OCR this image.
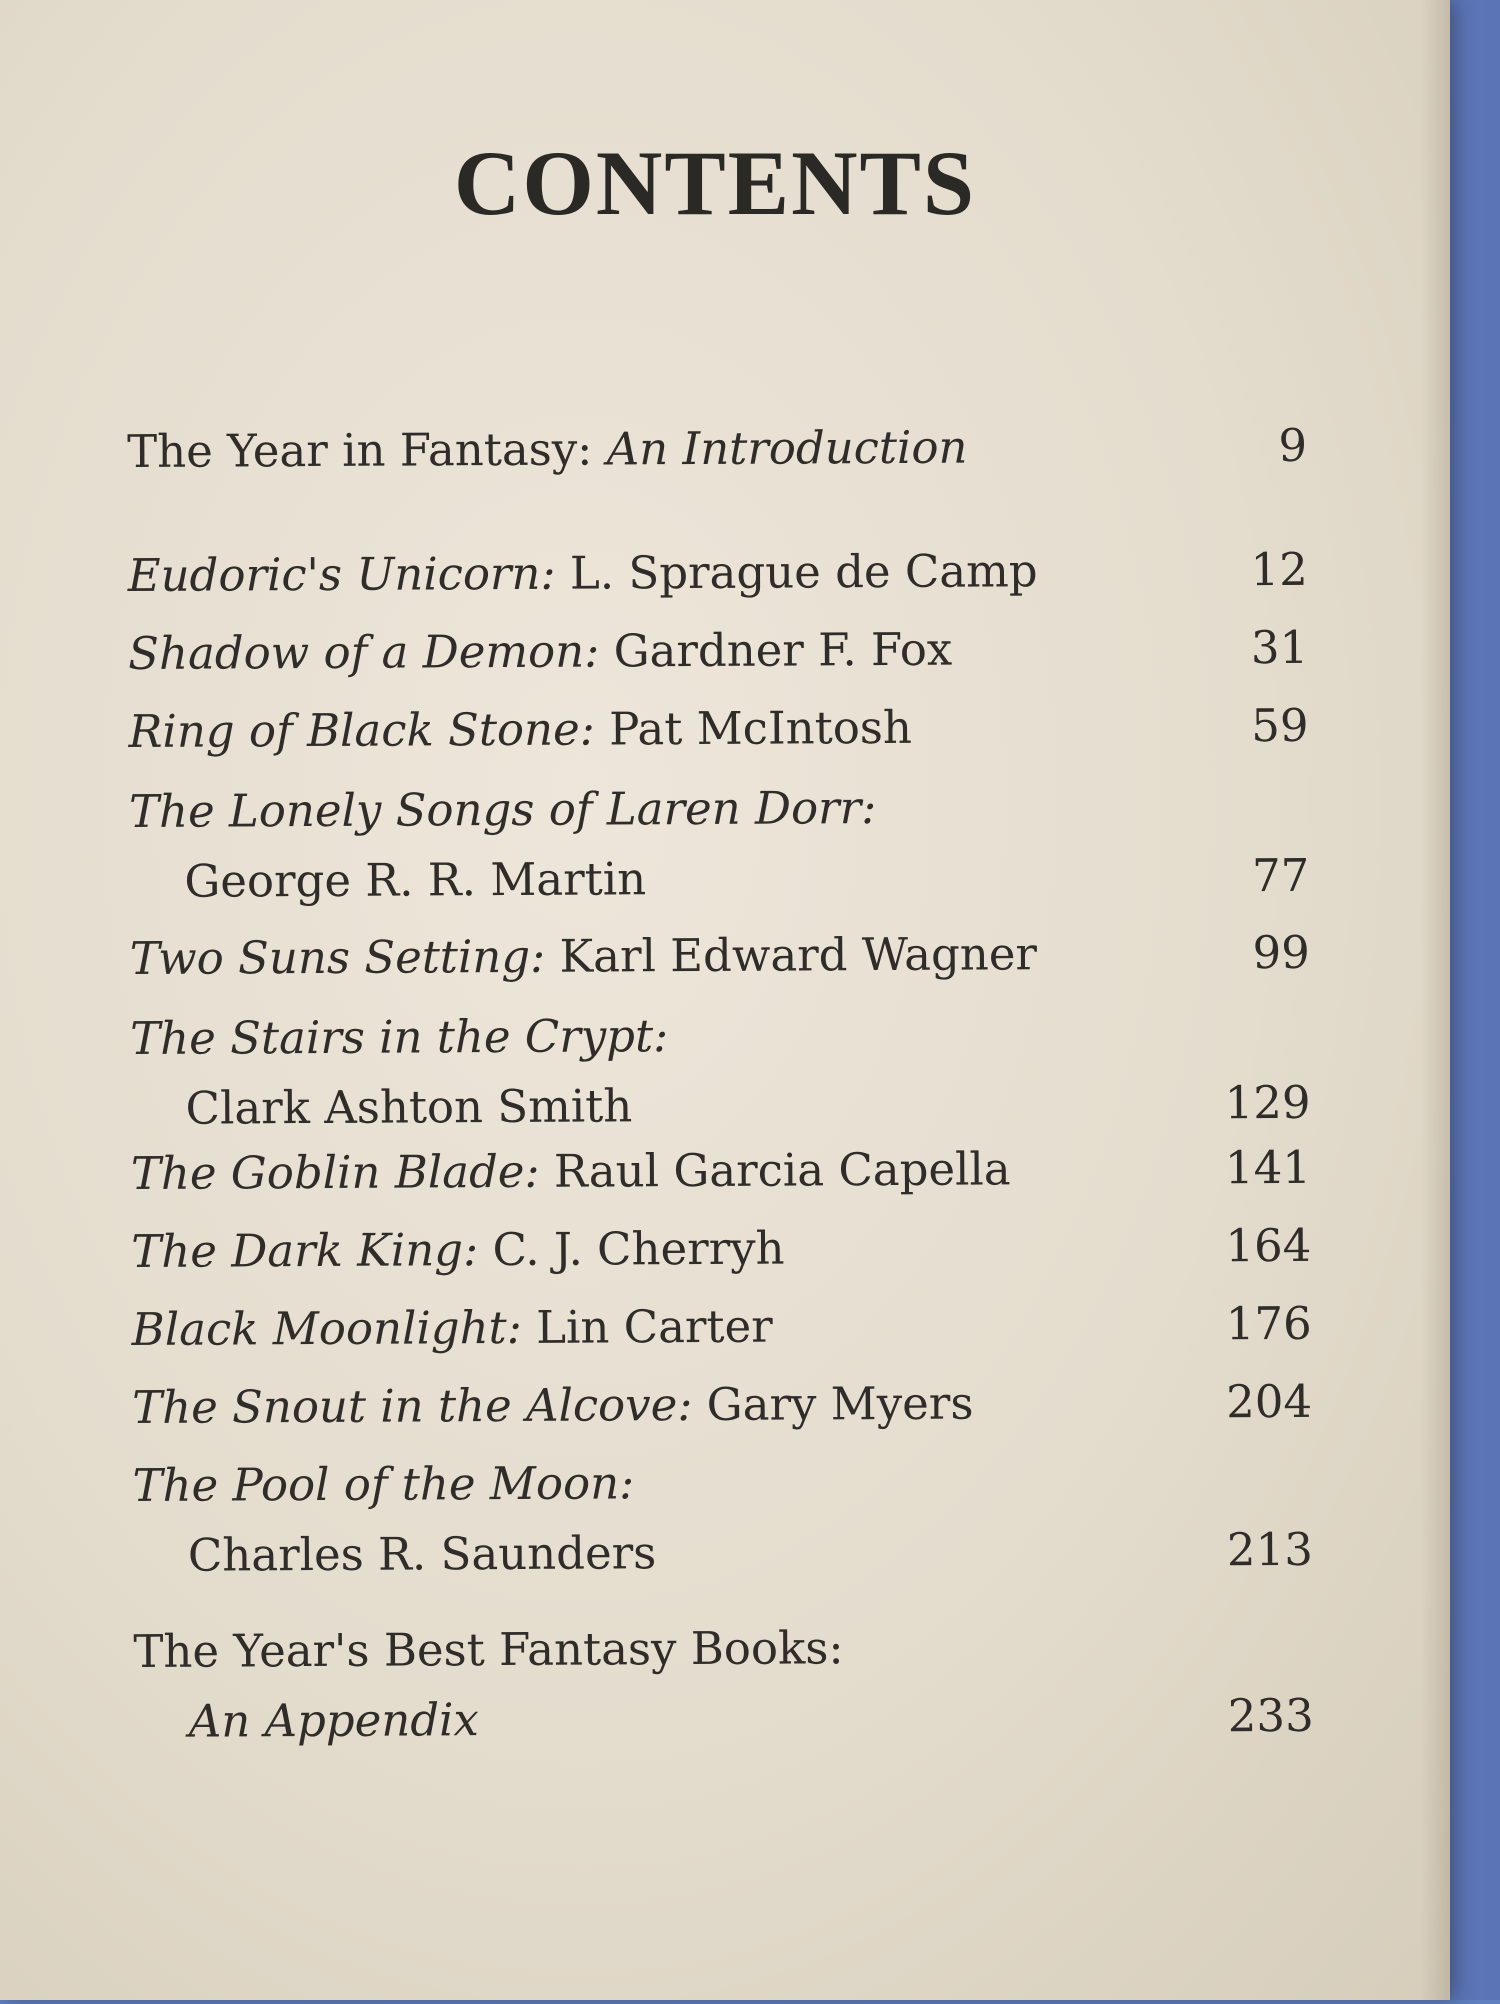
CONTENTS
The Year in Fantasy: An Introduction	9
Eudoric's Unicorn: L. Sprague de Camp	12
Shadow of a Demon: Gardner F. Fox	31
Ring of Black Stone: Pat McIntosh	59
The Lonely Songs of Laren Dorr:
George R. R. Martin	77
Two Suns Setting: Karl Edward Wagner	99
The Stairs in the Crypt:
Clark Ashton Smith	129
The Goblin Blade: Raul Garcia Capella	141
The Dark King: C. J. Cherryh	164
Black Moonlight: Lin Carter	176
The Snout in the Alcove: Gary Myers	204
The Pool of the Moon:
Charles R. Saunders	213
The Year's Best Fantasy Books:
An Appendix	233
